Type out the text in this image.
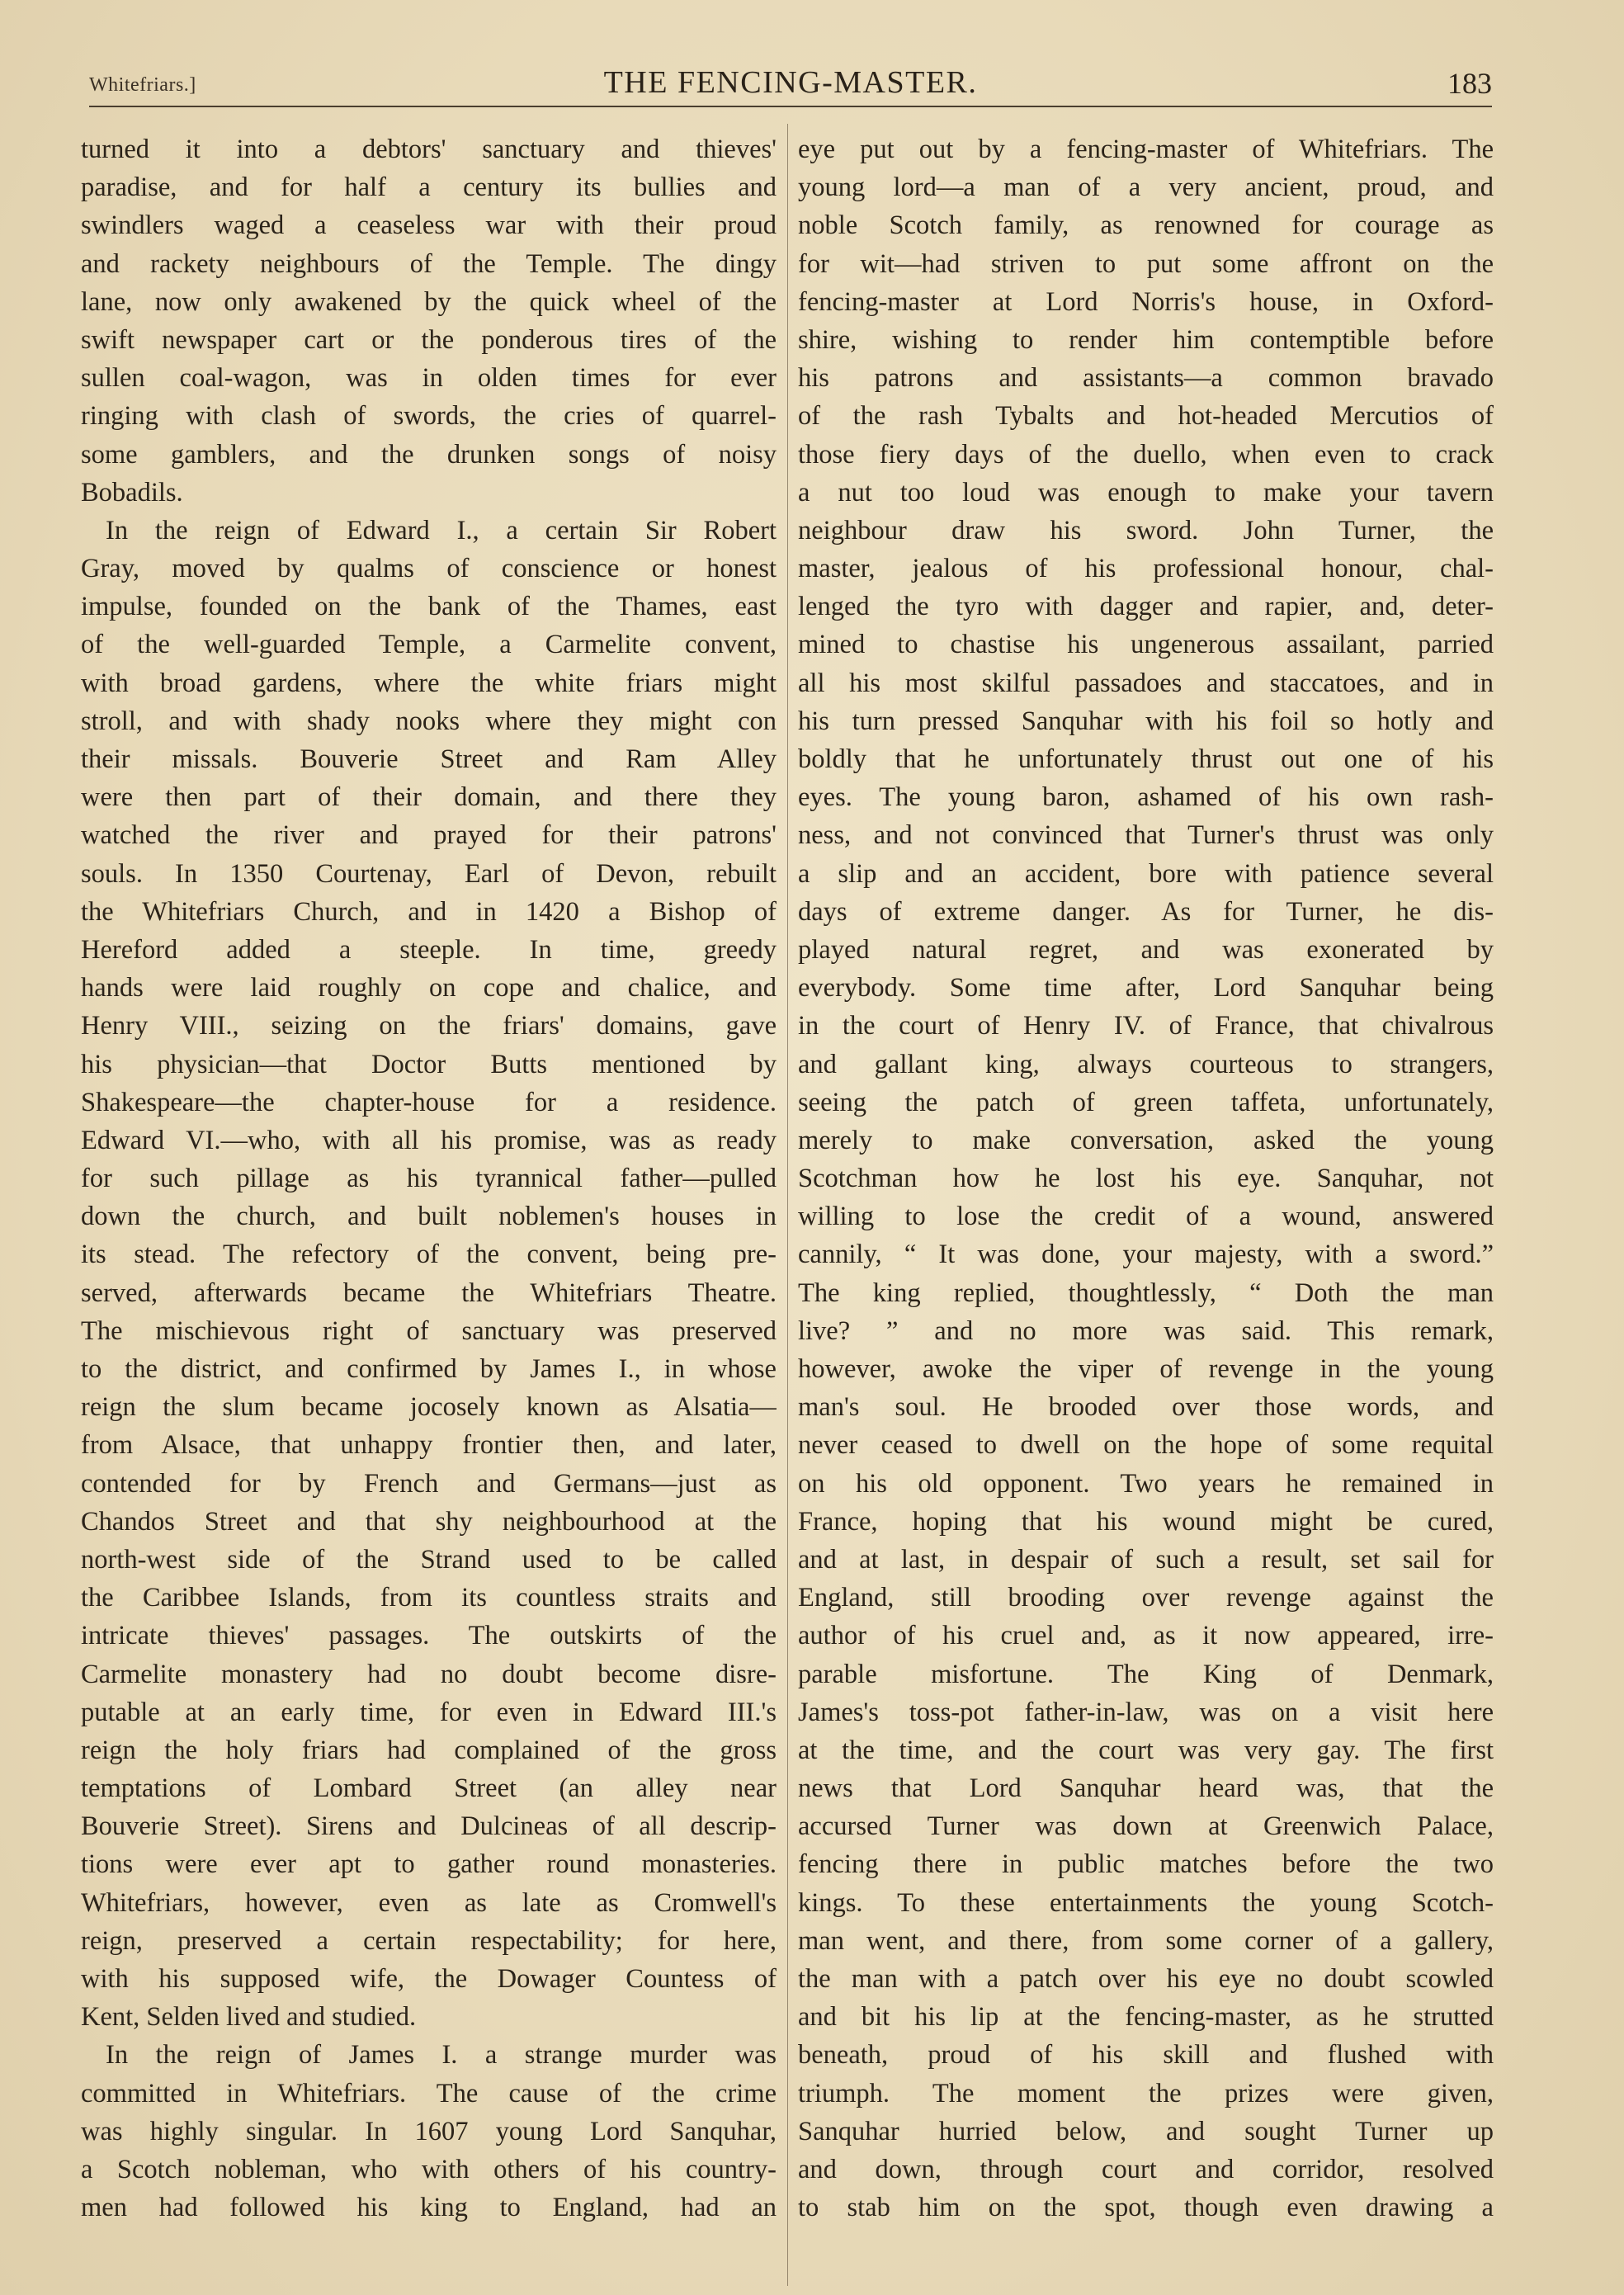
Whitefriars.]	THE FENCING-MASTER.	183
turned it into a debtors' sanctuary and thieves'
paradise, and for half a century its bullies and
swindlers waged a ceaseless war with their proud
and rackety neighbours of the Temple. The dingy
lane, now only awakened by the quick wheel of the
swift newspaper cart or the ponderous tires of the
sullen coal-wagon, was in olden times for ever
ringing with clash of swords, the cries of quarrel-
some gamblers, and the drunken songs of noisy
Bobadils.
In the reign of Edward I., a certain Sir Robert
Gray, moved by qualms of conscience or honest
impulse, founded on the bank of the Thames, east
of the well-guarded Temple, a Carmelite convent,
with broad gardens, where the white friars might
stroll, and with shady nooks where they might con
their missals. Bouverie Street and Ram Alley
were then part of their domain, and there they
watched the river and prayed for their patrons'
souls. In 1350 Courtenay, Earl of Devon, rebuilt
the Whitefriars Church, and in 1420 a Bishop of
Hereford added a steeple. In time, greedy
hands were laid roughly on cope and chalice, and
Henry VIII., seizing on the friars' domains, gave
his physician—that Doctor Butts mentioned by
Shakespeare—the chapter-house for a residence.
Edward VI.—who, with all his promise, was as ready
for such pillage as his tyrannical father—pulled
down the church, and built noblemen's houses in
its stead. The refectory of the convent, being pre-
served, afterwards became the Whitefriars Theatre.
The mischievous right of sanctuary was preserved
to the district, and confirmed by James I., in whose
reign the slum became jocosely known as Alsatia—
from Alsace, that unhappy frontier then, and later,
contended for by French and Germans—just as
Chandos Street and that shy neighbourhood at the
north-west side of the Strand used to be called
the Caribbee Islands, from its countless straits and
intricate thieves' passages. The outskirts of the
Carmelite monastery had no doubt become disre-
putable at an early time, for even in Edward III.'s
reign the holy friars had complained of the gross
temptations of Lombard Street (an alley near
Bouverie Street). Sirens and Dulcineas of all descrip-
tions were ever apt to gather round monasteries.
Whitefriars, however, even as late as Cromwell's
reign, preserved a certain respectability; for here,
with his supposed wife, the Dowager Countess of
Kent, Selden lived and studied.
In the reign of James I. a strange murder was
committed in Whitefriars. The cause of the crime
was highly singular. In 1607 young Lord Sanquhar,
a Scotch nobleman, who with others of his country-
men had followed his king to England, had an
eye put out by a fencing-master of Whitefriars. The
young lord—a man of a very ancient, proud, and
noble Scotch family, as renowned for courage as
for wit—had striven to put some affront on the
fencing-master at Lord Norris's house, in Oxford-
shire, wishing to render him contemptible before
his patrons and assistants—a common bravado
of the rash Tybalts and hot-headed Mercutios of
those fiery days of the duello, when even to crack
a nut too loud was enough to make your tavern
neighbour draw his sword. John Turner, the
master, jealous of his professional honour, chal-
lenged the tyro with dagger and rapier, and, deter-
mined to chastise his ungenerous assailant, parried
all his most skilful passadoes and staccatoes, and in
his turn pressed Sanquhar with his foil so hotly and
boldly that he unfortunately thrust out one of his
eyes. The young baron, ashamed of his own rash-
ness, and not convinced that Turner's thrust was only
a slip and an accident, bore with patience several
days of extreme danger. As for Turner, he dis-
played natural regret, and was exonerated by
everybody. Some time after, Lord Sanquhar being
in the court of Henry IV. of France, that chivalrous
and gallant king, always courteous to strangers,
seeing the patch of green taffeta, unfortunately,
merely to make conversation, asked the young
Scotchman how he lost his eye. Sanquhar, not
willing to lose the credit of a wound, answered
cannily, “ It was done, your majesty, with a sword.”
The king replied, thoughtlessly, “ Doth the man
live? ” and no more was said. This remark,
however, awoke the viper of revenge in the young
man's soul. He brooded over those words, and
never ceased to dwell on the hope of some requital
on his old opponent. Two years he remained in
France, hoping that his wound might be cured,
and at last, in despair of such a result, set sail for
England, still brooding over revenge against the
author of his cruel and, as it now appeared, irre-
parable misfortune. The King of Denmark,
James's toss-pot father-in-law, was on a visit here
at the time, and the court was very gay. The first
news that Lord Sanquhar heard was, that the
accursed Turner was down at Greenwich Palace,
fencing there in public matches before the two
kings. To these entertainments the young Scotch-
man went, and there, from some corner of a gallery,
the man with a patch over his eye no doubt scowled
and bit his lip at the fencing-master, as he strutted
beneath, proud of his skill and flushed with
triumph. The moment the prizes were given,
Sanquhar hurried below, and sought Turner up
and down, through court and corridor, resolved
to stab him on the spot, though even drawing a
